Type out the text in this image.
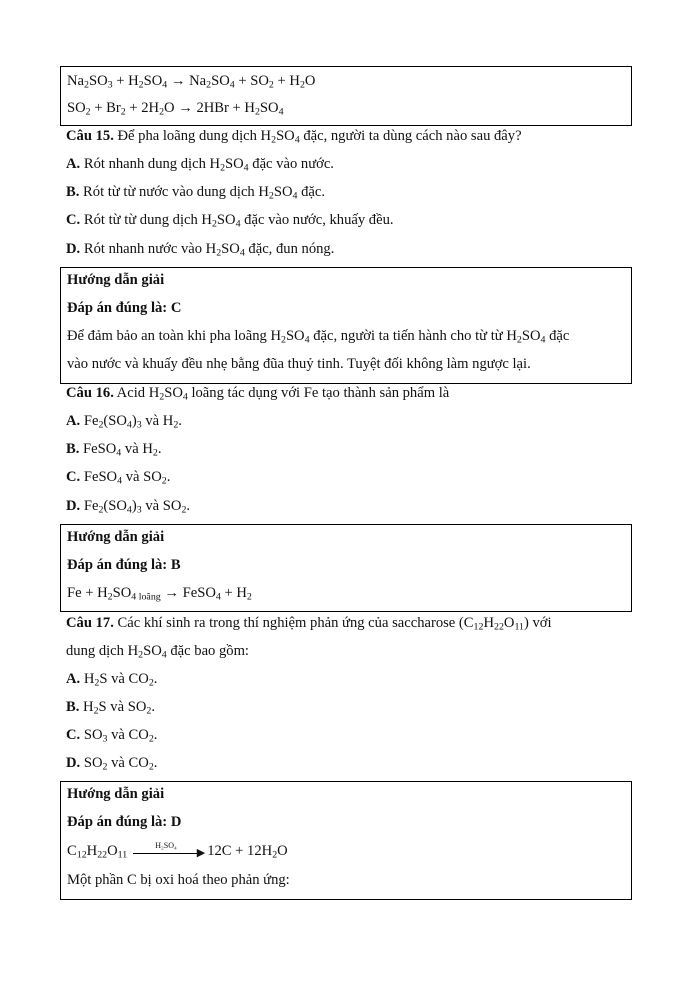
$Na_2SO_3 + H_2SO_4 \to Na_2SO_4 + SO_2 + H_2O$
$SO_2 + Br_2 + 2H_2O \to 2HBr + H_2SO_4$
Câu 15. Để pha loãng dung dịch $H_2SO_4$ đặc, người ta dùng cách nào sau đây?
A. Rót nhanh dung dịch $H_2SO_4$ đặc vào nước.
B. Rót từ từ nước vào dung dịch $H_2SO_4$ đặc.
C. Rót từ từ dung dịch $H_2SO_4$ đặc vào nước, khuấy đều.
D. Rót nhanh nước vào $H_2SO_4$ đặc, đun nóng.
Hướng dẫn giải
Đáp án đúng là: C
Để đảm bảo an toàn khi pha loãng $H_2SO_4$ đặc, người ta tiến hành cho từ từ $H_2SO_4$ đặc
vào nước và khuấy đều nhẹ bằng đũa thuỷ tinh. Tuyệt đối không làm ngược lại.
Câu 16. Acid $H_2SO_4$ loãng tác dụng với Fe tạo thành sản phẩm là
A. $Fe_2(SO_4)_3$ và $H_2$.
B. FeSO$_4$ và $H_2$.
C. FeSO$_4$ và $SO_2$.
D. $Fe_2(SO_4)_3$ và $SO_2$.
Hướng dẫn giải
Đáp án đúng là: B
$Fe + H_2SO_{4 loãng}$ → FeSO$_4$ + $H_2$
Câu 17. Các khí sinh ra trong thí nghiệm phản ứng của saccharose $(C_{12}H_{22}O_{11})$ với
dung dịch $H_2SO_4$ đặc bao gồm:
A. $H_2S$ và $CO_2$.
B. $H_2S$ và $SO_2$.
C. $SO_3$ và $CO_2$.
D. $SO_2$ và $CO_2$.
Hướng dẫn giải
Đáp án đúng là: D
$C_{12}H_{22}O_{11}$
H₂SO₄
▶ $12C + 12H_2O$
Một phần C bị oxi hoá theo phản ứng:
